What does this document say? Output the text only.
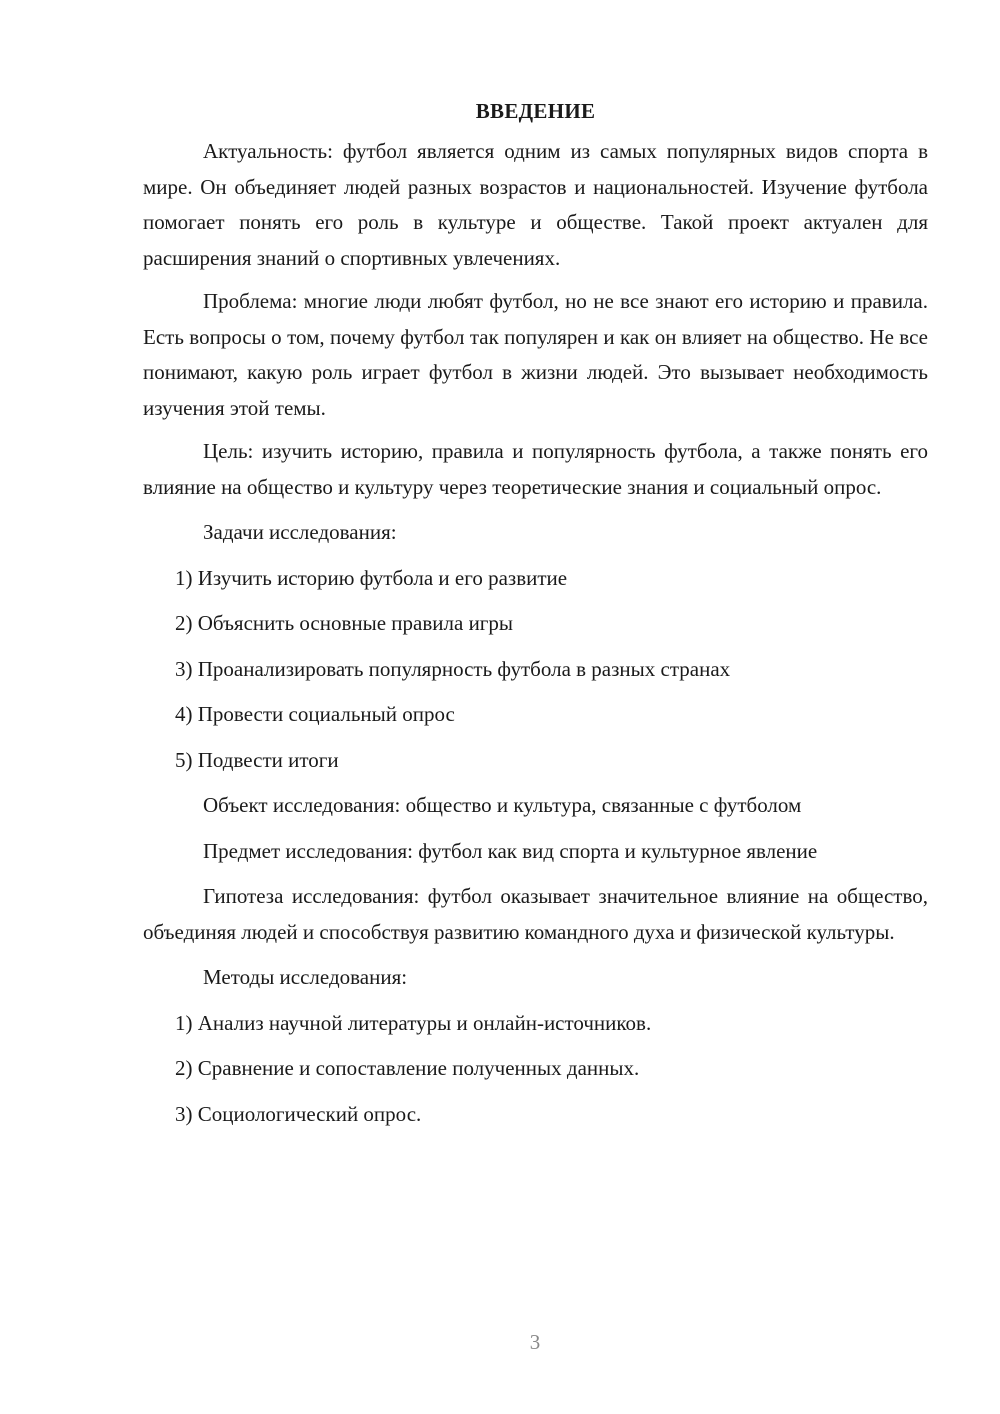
ВВЕДЕНИЕ

Актуальность: футбол является одним из самых популярных видов спорта в мире. Он объединяет людей разных возрастов и национальностей. Изучение футбола помогает понять его роль в культуре и обществе. Такой проект актуален для расширения знаний о спортивных увлечениях.

Проблема: многие люди любят футбол, но не все знают его историю и правила. Есть вопросы о том, почему футбол так популярен и как он влияет на общество. Не все понимают, какую роль играет футбол в жизни людей. Это вызывает необходимость изучения этой темы.

Цель: изучить историю, правила и популярность футбола, а также понять его влияние на общество и культуру через теоретические знания и социальный опрос.

Задачи исследования:
1) Изучить историю футбола и его развитие
2) Объяснить основные правила игры
3) Проанализировать популярность футбола в разных странах
4) Провести социальный опрос
5) Подвести итоги

Объект исследования: общество и культура, связанные с футболом

Предмет исследования: футбол как вид спорта и культурное явление

Гипотеза исследования: футбол оказывает значительное влияние на общество, объединяя людей и способствуя развитию командного духа и физической культуры.

Методы исследования:
1) Анализ научной литературы и онлайн-источников.
2) Сравнение и сопоставление полученных данных.
3) Социологический опрос.
3
